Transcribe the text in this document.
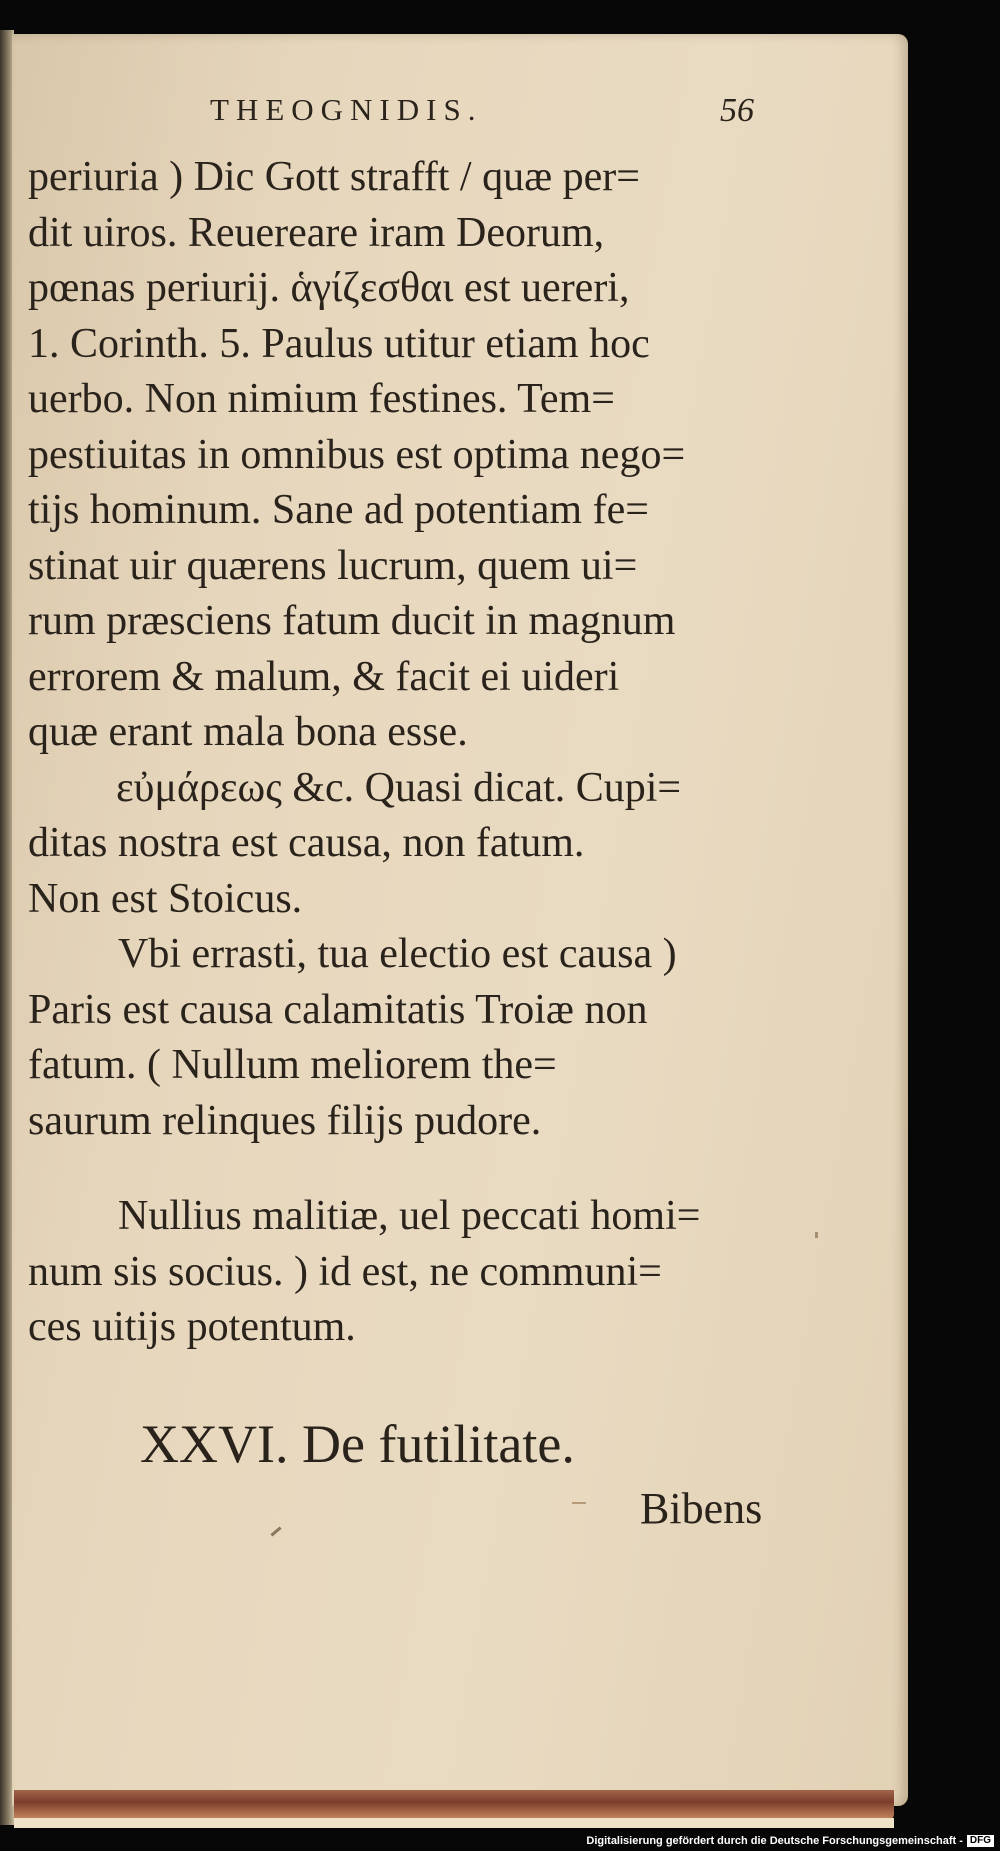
THEOGNIDIS.	56
periuria ) Dic Gott strafft / quæ per=
dit uiros. Reuereare iram Deorum,
pœnas periurij. ἁγίζεσθαι est uereri,
1. Corinth. 5. Paulus utitur etiam hoc
uerbo. Non nimium festines. Tem=
pestiuitas in omnibus est optima nego=
tijs hominum. Sane ad potentiam fe=
stinat uir quærens lucrum, quem ui=
rum præsciens fatum ducit in magnum
errorem & malum, & facit ei uideri
quæ erant mala bona esse.
εὐμάρεως &c. Quasi dicat. Cupi=
ditas nostra est causa, non fatum.
Non est Stoicus.
Vbi errasti, tua electio est causa )
Paris est causa calamitatis Troiæ non
fatum. ( Nullum meliorem the=
saurum relinques filijs pudore.
Nullius malitiæ, uel peccati homi=
num sis socius. ) id est, ne communi=
ces uitijs potentum.
XXVI. De futilitate.
Bibens
Digitalisierung gefördert durch die Deutsche Forschungsgemeinschaft - DFG
